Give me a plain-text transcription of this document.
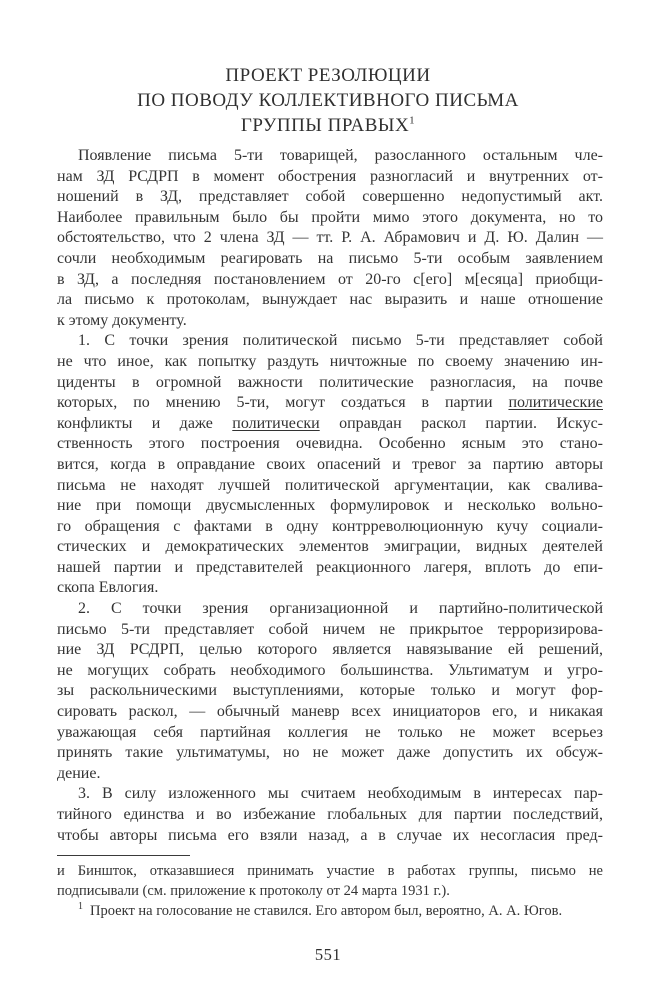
ПРОЕКТ РЕЗОЛЮЦИИ
ПО ПОВОДУ КОЛЛЕКТИВНОГО ПИСЬМА
ГРУППЫ ПРАВЫХ$^1$
Появление письма 5-ти товарищей, разосланного остальным чле-
нам ЗД РСДРП в момент обострения разногласий и внутренних от-
ношений в ЗД, представляет собой совершенно недопустимый акт.
Наиболее правильным было бы пройти мимо этого документа, но то
обстоятельство, что 2 члена ЗД — тт. Р. А. Абрамович и Д. Ю. Далин —
сочли необходимым реагировать на письмо 5-ти особым заявлением
в ЗД, а последняя постановлением от 20-го с[его] м[есяца] приобщи-
ла письмо к протоколам, вынуждает нас выразить и наше отношение
к этому документу.
1. С точки зрения политической письмо 5-ти представляет собой
не что иное, как попытку раздуть ничтожные по своему значению ин-
циденты в огромной важности политические разногласия, на почве
которых, по мнению 5-ти, могут создаться в партии политические
конфликты и даже политически оправдан раскол партии. Искус-
ственность этого построения очевидна. Особенно ясным это стано-
вится, когда в оправдание своих опасений и тревог за партию авторы
письма не находят лучшей политической аргументации, как свалива-
ние при помощи двусмысленных формулировок и несколько вольно-
го обращения с фактами в одну контрреволюционную кучу социали-
стических и демократических элементов эмиграции, видных деятелей
нашей партии и представителей реакционного лагеря, вплоть до епи-
скопа Евлогия.
2. С точки зрения организационной и партийно-политической
письмо 5-ти представляет собой ничем не прикрытое терроризирова-
ние ЗД РСДРП, целью которого является навязывание ей решений,
не могущих собрать необходимого большинства. Ультиматум и угро-
зы раскольническими выступлениями, которые только и могут фор-
сировать раскол, — обычный маневр всех инициаторов его, и никакая
уважающая себя партийная коллегия не только не может всерьез
принять такие ультиматумы, но не может даже допустить их обсуж-
дение.
3. В силу изложенного мы считаем необходимым в интересах пар-
тийного единства и во избежание глобальных для партии последствий,
чтобы авторы письма его взяли назад, а в случае их несогласия пред-
и Биншток, отказавшиеся принимать участие в работах группы, письмо не
подписывали (см. приложение к протоколу от 24 марта 1931 г.).
$^1$ Проект на голосование не ставился. Его автором был, вероятно, А. А. Югов.
551
